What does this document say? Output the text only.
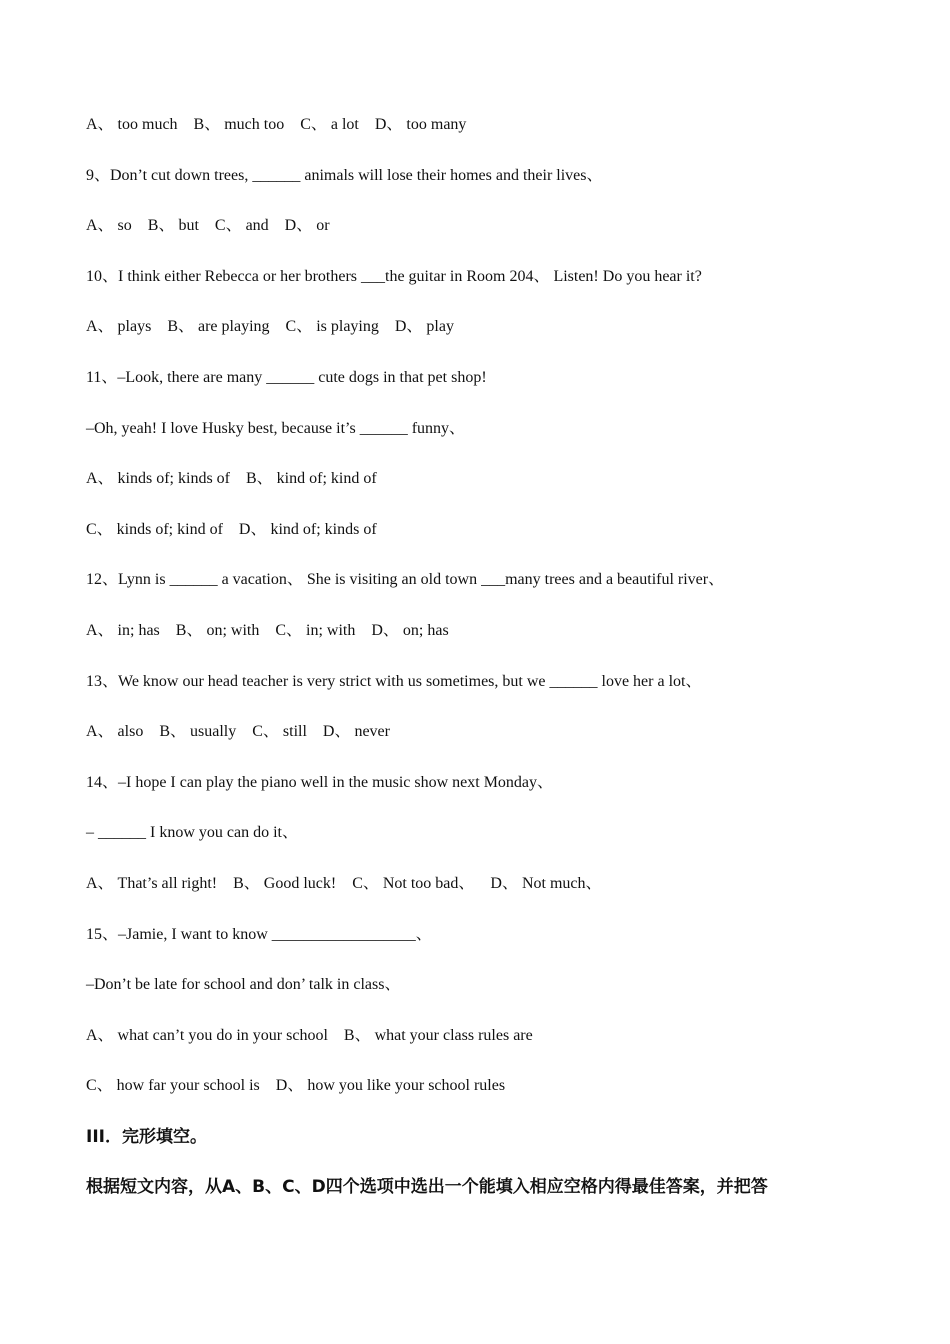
A、 too much    B、 much too    C、 a lot    D、 too many
9、Don’t cut down trees, ______ animals will lose their homes and their lives、
A、 so    B、 but    C、 and    D、 or
10、I think either Rebecca or her brothers ___the guitar in Room 204、 Listen! Do you hear it?
A、 plays    B、 are playing    C、 is playing    D、 play
11、–Look, there are many ______ cute dogs in that pet shop!
–Oh, yeah! I love Husky best, because it’s ______ funny、
A、 kinds of; kinds of    B、 kind of; kind of
C、 kinds of; kind of    D、 kind of; kinds of
12、Lynn is ______ a vacation、 She is visiting an old town ___many trees and a beautiful river、
A、 in; has    B、 on; with    C、 in; with    D、 on; has
13、We know our head teacher is very strict with us sometimes, but we ______ love her a lot、
A、 also    B、 usually    C、 still    D、 never
14、–I hope I can play the piano well in the music show next Monday、
– ______ I know you can do it、
A、 That’s all right!    B、 Good luck!    C、 Not too bad、    D、 Not much、
15、–Jamie, I want to know __________________、
–Don’t be late for school and don’ talk in class、
A、 what can’t you do in your school    B、 what your class rules are
C、 how far your school is    D、 how you like your school rules
III．完形填空。
根据短文内容，从A、B、C、D四个选项中选出一个能填入相应空格内得最佳答案，并把答
